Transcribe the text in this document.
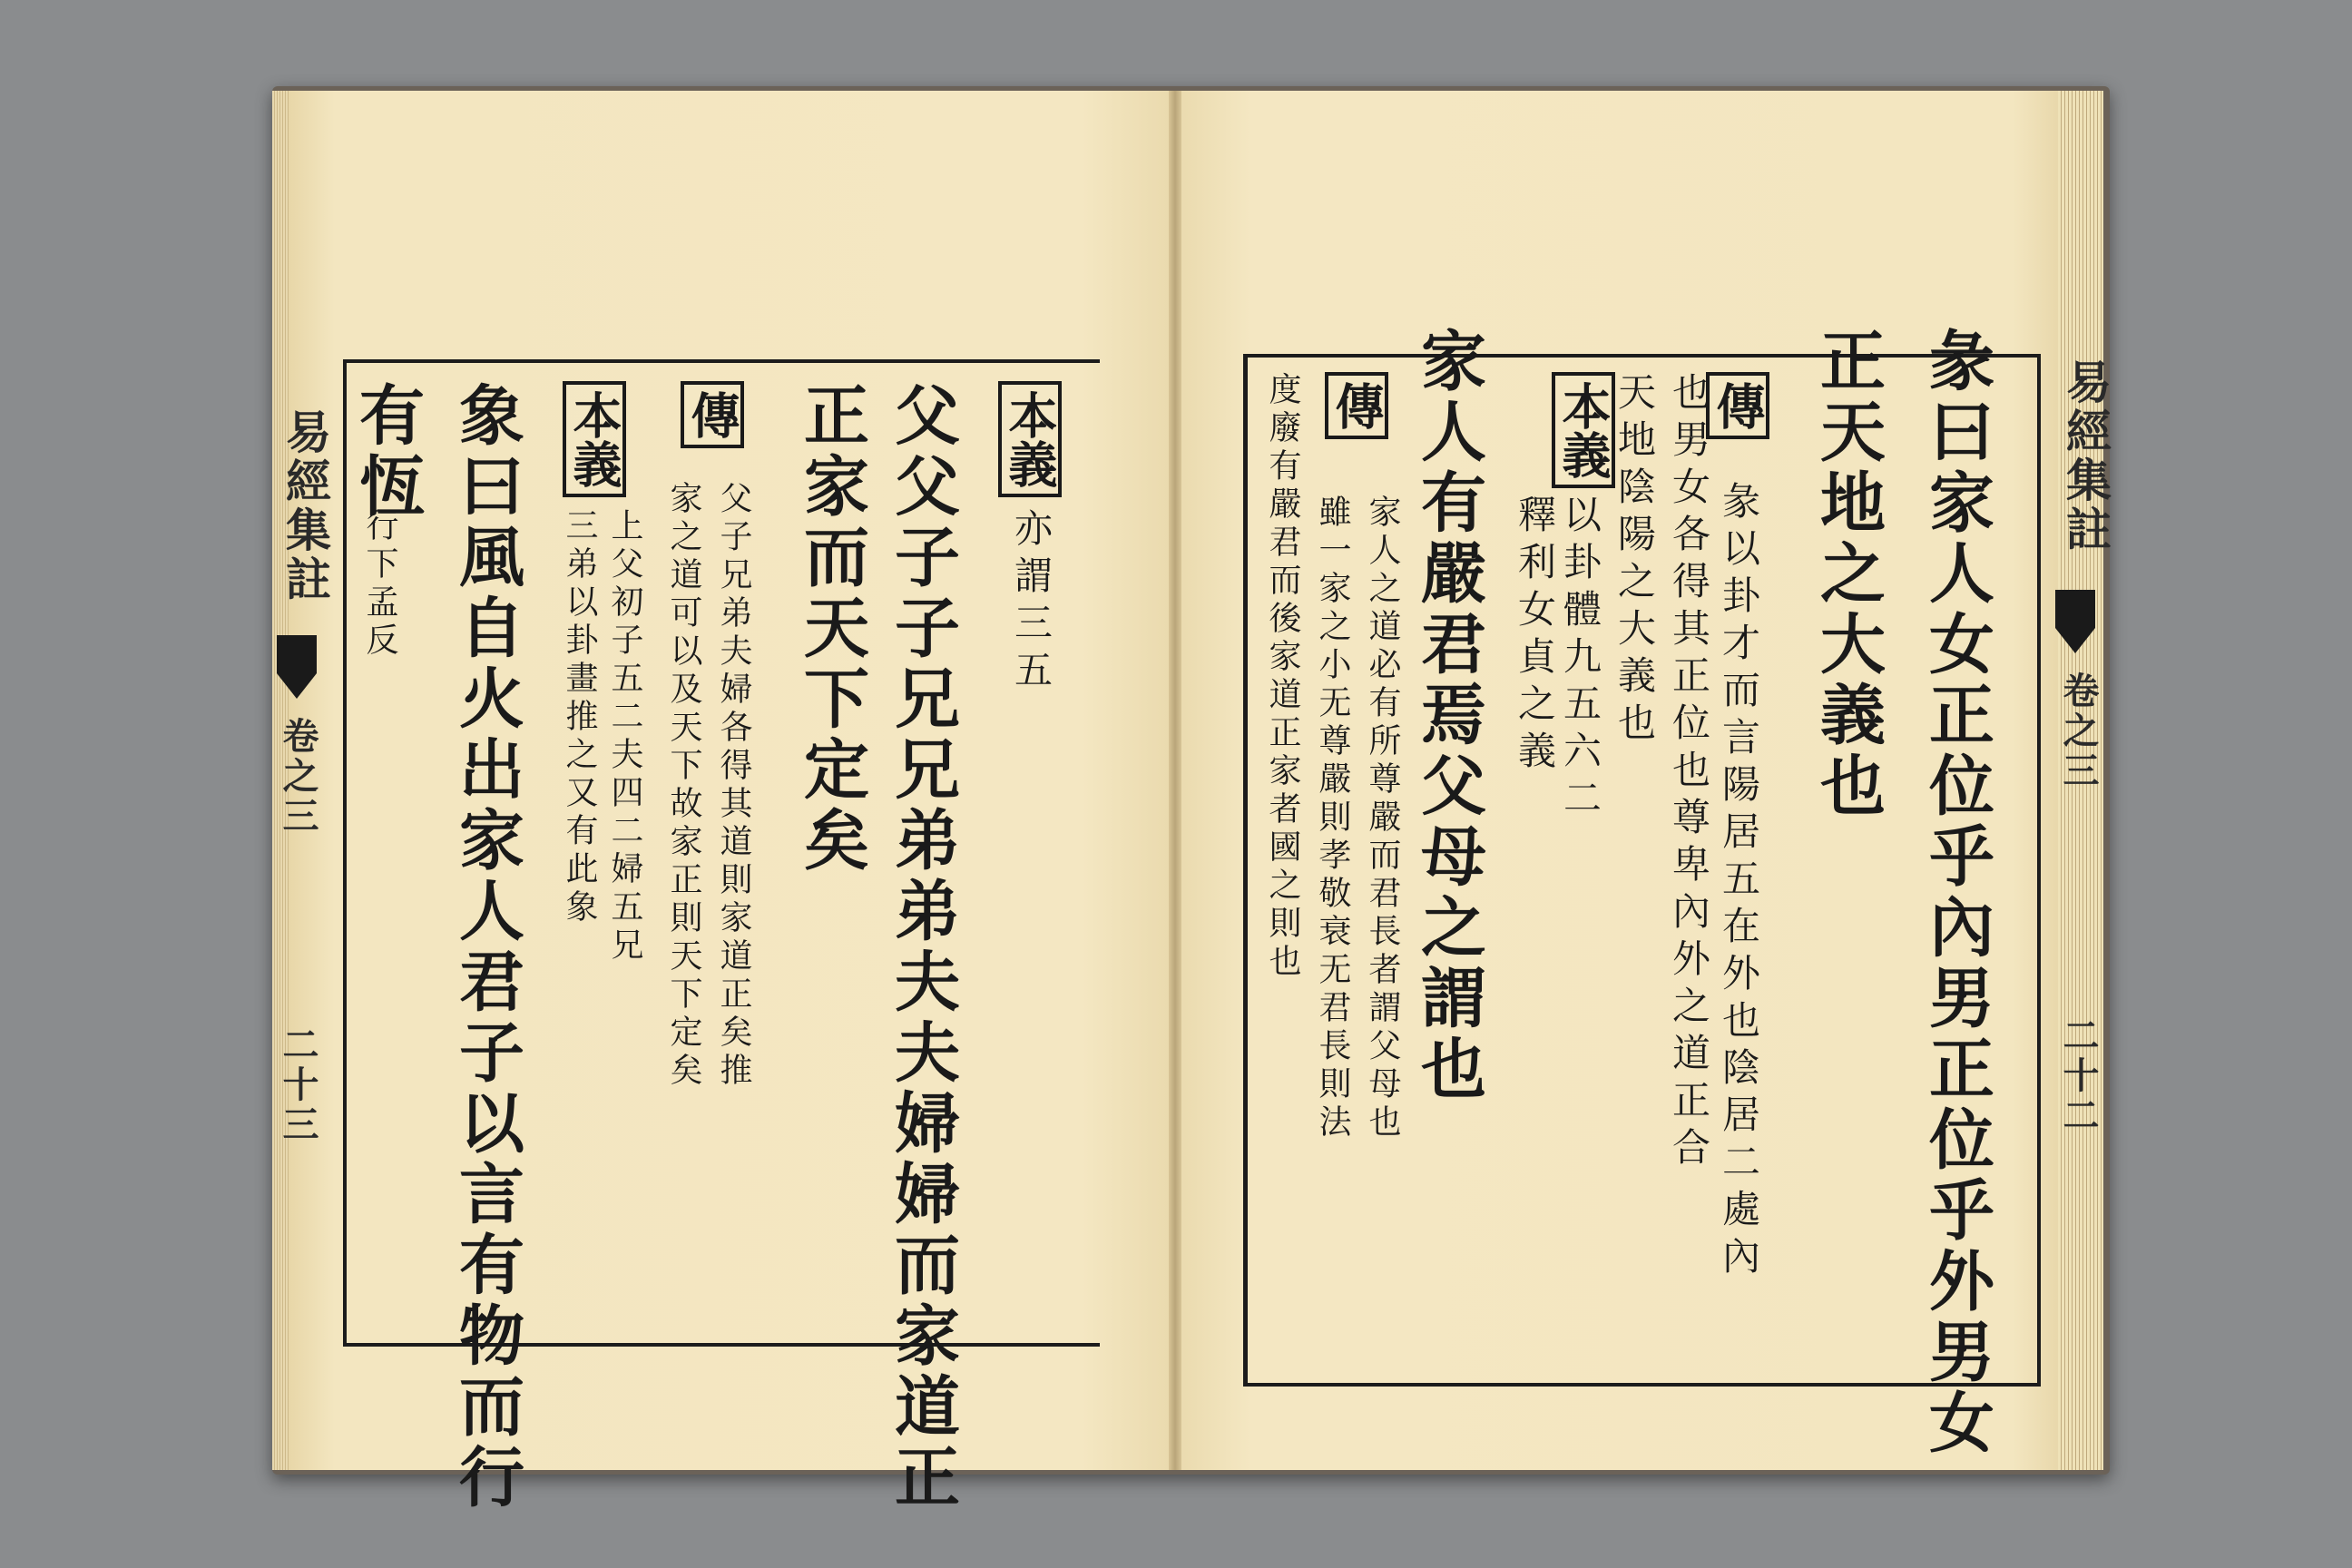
易經集註
卷之三
二十三	父父子子兄兄弟弟夫夫婦婦而家道正
正家而天下定矣	本義
亦謂三五
傳
父子兄弟夫婦各得其道則家道正矣推
家之道可以及天下故家正則天下定矣
本義
上父初子五二夫四二婦五兄
三弟以卦畫推之又有此象
象曰風自火出家人君子以言有物而行
有恆
行下孟反
易經集註
卷之三
二十二
彖曰家人女正位乎內男正位乎外男女
正天地之大義也
傳
彖以卦才而言陽居五在外也陰居二處內
也男女各得其正位也尊卑內外之道正合
天地陰陽之大義也
本義
以卦體九五六二
釋利女貞之義
家人有嚴君焉父母之謂也
傳
家人之道必有所尊嚴而君長者謂父母也
雖一家之小无尊嚴則孝敬衰无君長則法
度廢有嚴君而後家道正家者國之則也
